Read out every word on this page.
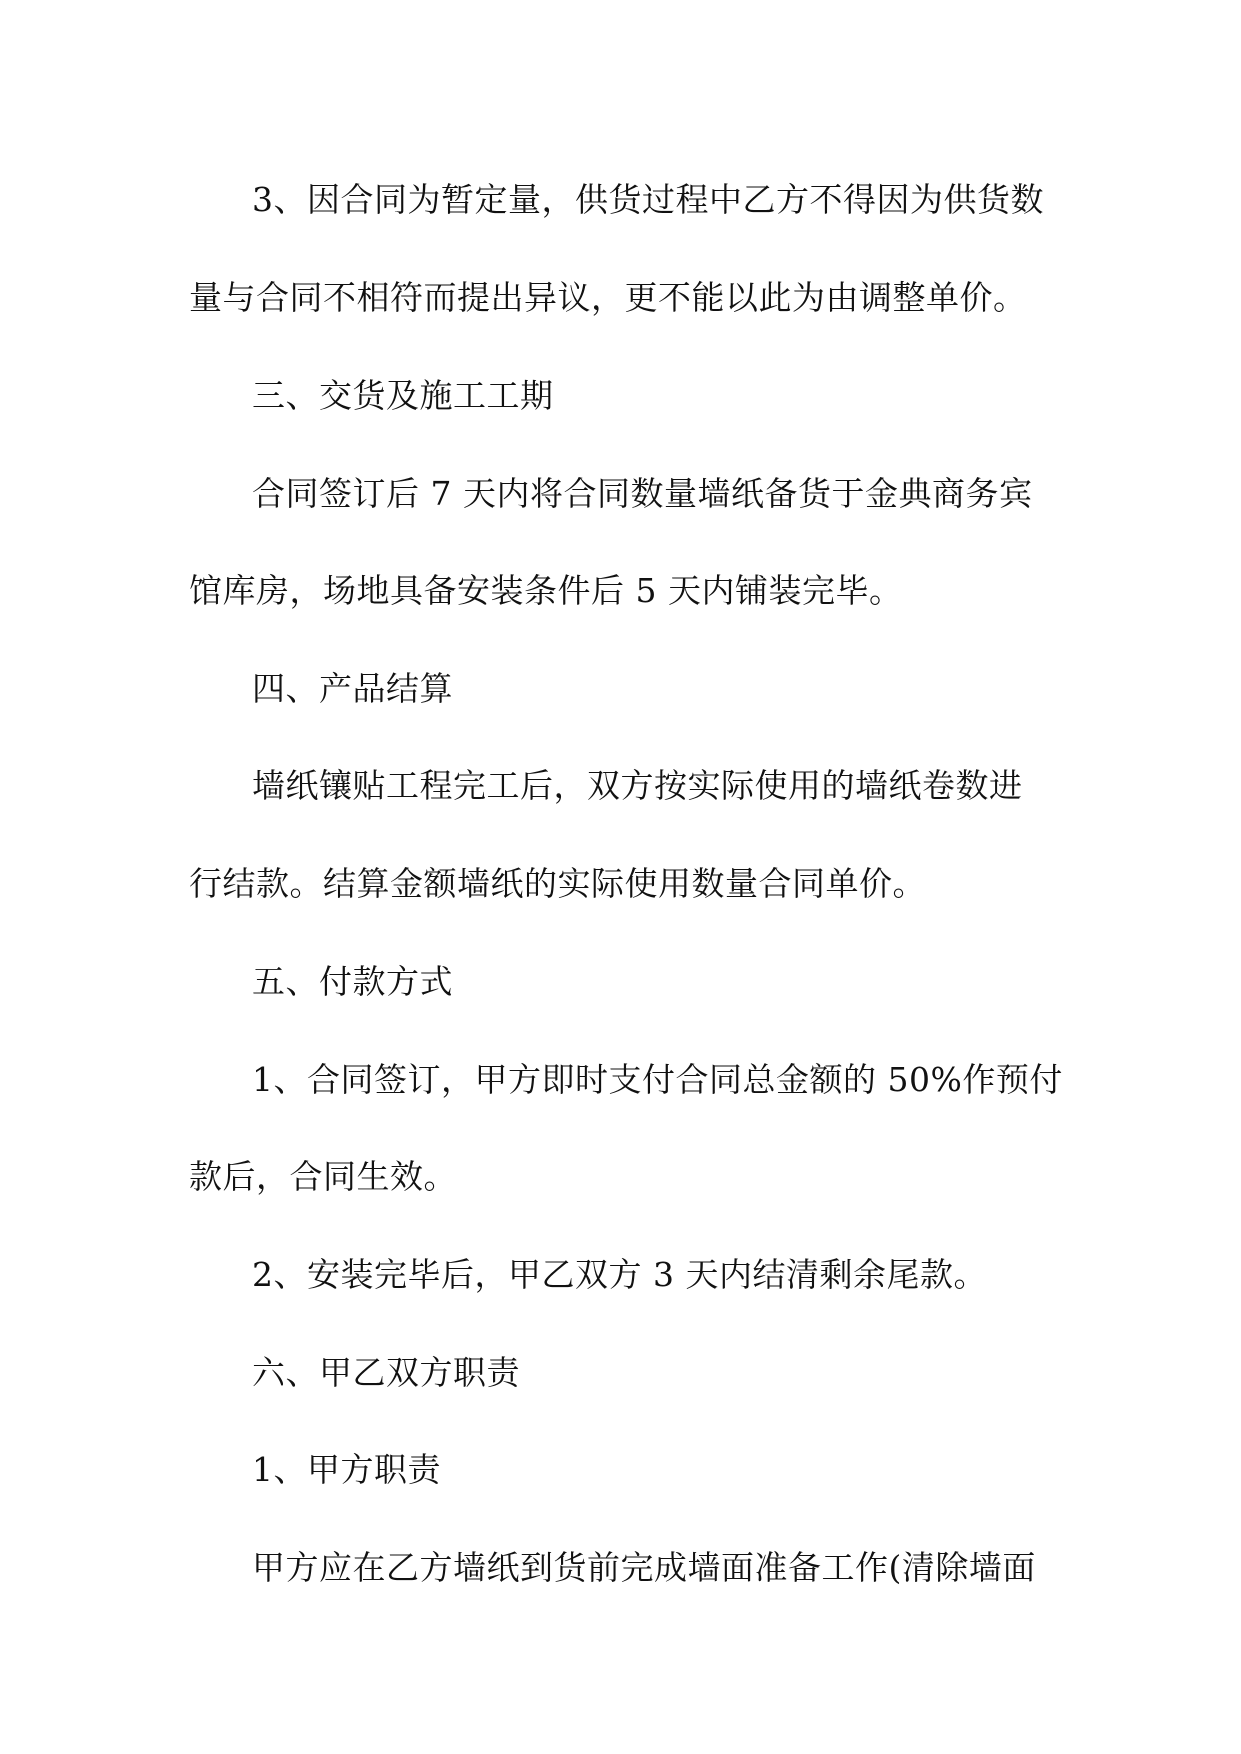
3、因合同为暂定量，供货过程中乙方不得因为供货数
量与合同不相符而提出异议，更不能以此为由调整单价。
三、交货及施工工期
合同签订后 7 天内将合同数量墙纸备货于金典商务宾
馆库房，场地具备安装条件后 5 天内铺装完毕。
四、产品结算
墙纸镶贴工程完工后，双方按实际使用的墙纸卷数进
行结款。结算金额墙纸的实际使用数量合同单价。
五、付款方式
1、合同签订，甲方即时支付合同总金额的 50%作预付
款后，合同生效。
2、安装完毕后，甲乙双方 3 天内结清剩余尾款。
六、甲乙双方职责
1、甲方职责
甲方应在乙方墙纸到货前完成墙面准备工作(清除墙面
